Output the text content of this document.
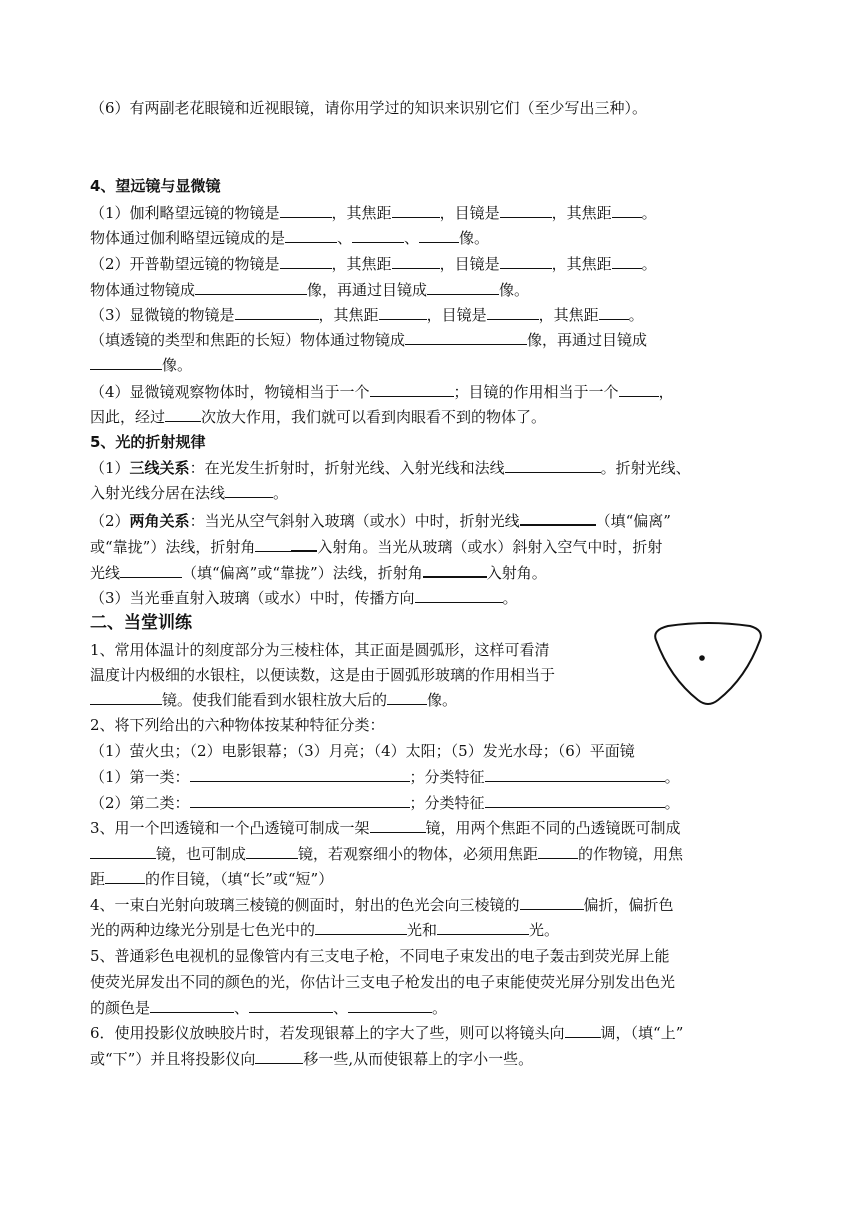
（6）有两副老花眼镜和近视眼镜，请你用学过的知识来识别它们（至少写出三种）。
4、望远镜与显微镜
（1）伽利略望远镜的物镜是	，其焦距	，目镜是	，其焦距 。
物体通过伽利略望远镜成的是	、	、	像。
（2）开普勒望远镜的物镜是	，其焦距	，目镜是	，其焦距 。
物体通过物镜成	像，再通过目镜成	像。
（3）显微镜的物镜是	，其焦距	，目镜是	，其焦距 。
（填透镜的类型和焦距的长短）物体通过物镜成	像，再通过目镜成
像。
（4）显微镜观察物体时，物镜相当于一个	；目镜的作用相当于一个	，
因此，经过 次放大作用，我们就可以看到肉眼看不到的物体了。
5、光的折射规律
（1）三线关系：在光发生折射时，折射光线、入射光线和法线	。折射光线、
入射光线分居在法线	。
（2）两角关系：当光从空气斜射入玻璃（或水）中时，折射光线	（填“偏离”
或“靠拢”）法线，折射角	入射角。当光从玻璃（或水）斜射入空气中时，折射
光线	（填“偏离”或“靠拢”）法线，折射角	入射角。
（3）当光垂直射入玻璃（或水）中时，传播方向	。
二、当堂训练
1、常用体温计的刻度部分为三棱柱体，其正面是圆弧形，这样可看清
温度计内极细的水银柱，以便读数，这是由于圆弧形玻璃的作用相当于
镜。使我们能看到水银柱放大后的	像。
2、将下列给出的六种物体按某种特征分类：
（1）萤火虫；（2）电影银幕；（3）月亮；（4）太阳；（5）发光水母；（6）平面镜
（1）第一类：	；分类特征	。
（2）第二类：	；分类特征	。
3、用一个凹透镜和一个凸透镜可制成一架	镜，用两个焦距不同的凸透镜既可制成
镜，也可制成	镜，若观察细小的物体，必须用焦距	的作物镜，用焦
距	的作目镜，（填“长”或“短”）
4、一束白光射向玻璃三棱镜的侧面时，射出的色光会向三棱镜的	偏折，偏折色
光的两种边缘光分别是七色光中的	光和	光。
5、普通彩色电视机的显像管内有三支电子枪，不同电子束发出的电子轰击到荧光屏上能
使荧光屏发出不同的颜色的光，你估计三支电子枪发出的电子束能使荧光屏分别发出色光
的颜色是	、	、	。
6．使用投影仪放映胶片时，若发现银幕上的字大了些，则可以将镜头向 调，（填“上”
或“下”）并且将投影仪向	移一些,从而使银幕上的字小一些。
